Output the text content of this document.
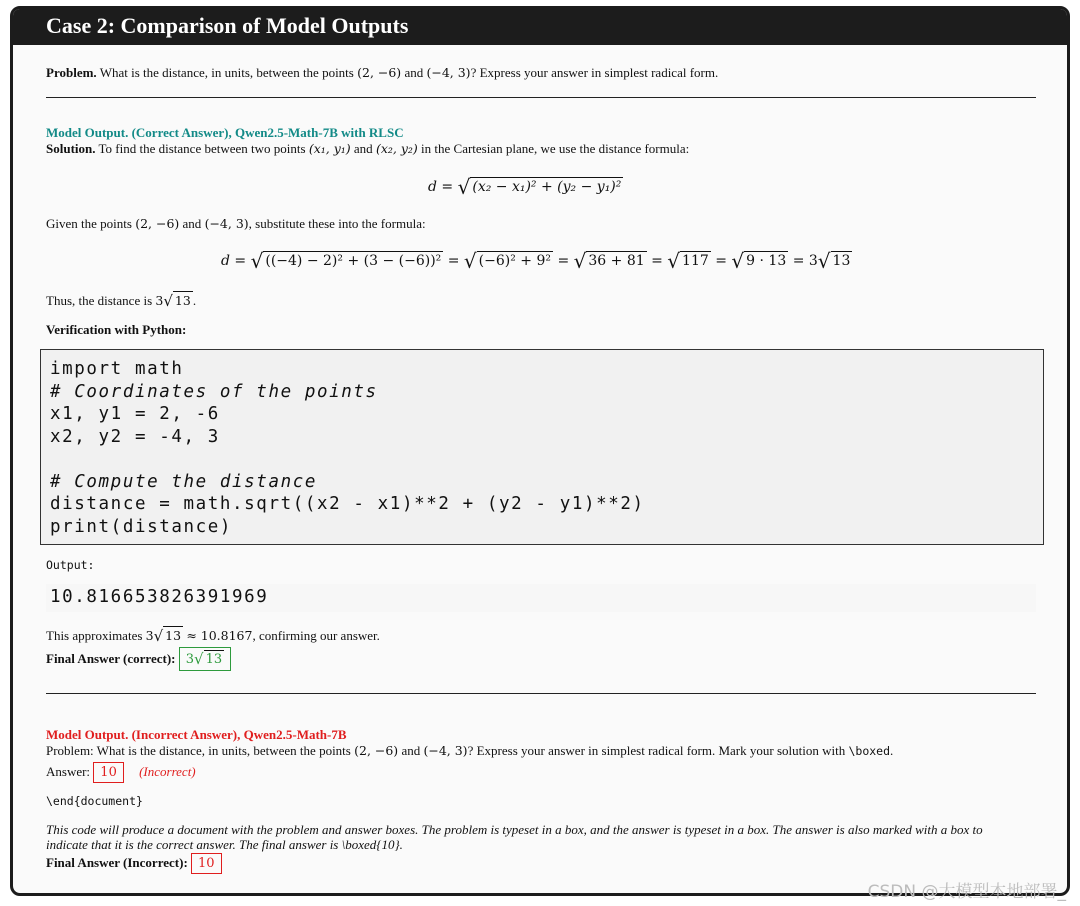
Case 2: Comparison of Model Outputs
Problem. What is the distance, in units, between the points (2, −6) and (−4, 3)? Express your answer in simplest radical form.
Model Output. (Correct Answer), Qwen2.5-Math-7B with RLSC
Solution. To find the distance between two points (x₁, y₁) and (x₂, y₂) in the Cartesian plane, we use the distance formula:
d = √ (x₂ − x₁)² + (y₂ − y₁)²
Given the points (2, −6) and (−4, 3), substitute these into the formula:
d = √ ((−4) − 2)² + (3 − (−6))² = √ (−6)² + 9² = √ 36 + 81 = √ 117 = √ 9 · 13 = 3√ 13
Thus, the distance is 3√ 13 .
Verification with Python:
import math
# Coordinates of the points
x1, y1 = 2, -6
x2, y2 = -4, 3
# Compute the distance
distance = math.sqrt((x2 - x1)**2 + (y2 - y1)**2)
print(distance)
Output:
10.816653826391969
This approximates 3√ 13 ≈ 10.8167, confirming our answer.
Final Answer (correct): 3√ 13
Model Output. (Incorrect Answer), Qwen2.5-Math-7B
Problem: What is the distance, in units, between the points (2, −6) and (−4, 3)? Express your answer in simplest radical form. Mark your solution with \boxed.
Answer: 10 (Incorrect)
\end{document}
This code will produce a document with the problem and answer boxes. The problem is typeset in a box, and the answer is typeset in a box. The answer is also marked with a box to
indicate that it is the correct answer. The final answer is \boxed{10}.
Final Answer (Incorrect): 10
CSDN @大模型本地部署_
